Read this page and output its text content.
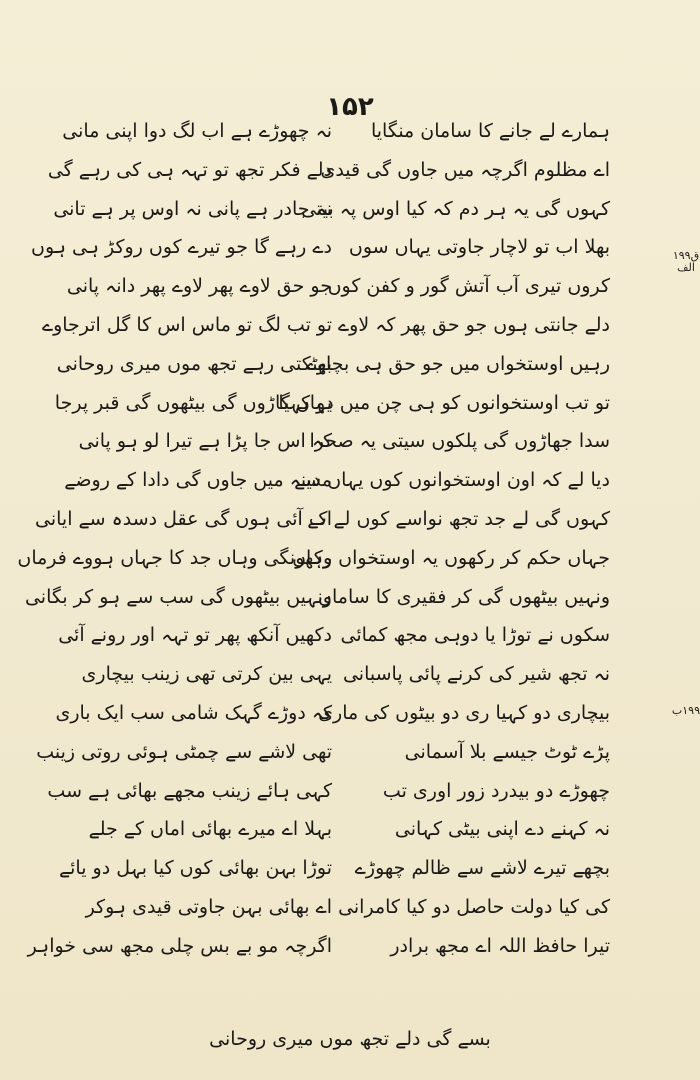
۱۵۲
ق۱۹۹ الف
۱۹۹ب
ہمارے لے جانے کا سامان منگایا
اے مظلوم اگرچہ میں جاوں گی قیدی
کہوں گی یہ ہر دم کہ کیا اوس پہ بیتی
بھلا اب تو لاچار جاوتی یہاں سوں
کروں تیری آب آتش گور و کفن کوں
دلے جانتی ہوں جو حق پھر کہ لاوے
رہیں اوستخواں میں جو حق ہی بچاوے
تو تب اوستخوانوں کو ہی چن میں دو کہیا
سدا جھاڑوں گی پلکوں سیتی یہ صحرا
دیا لے کہ اون اوستخوانوں کوں یہاں سے
کہوں گی لے جد تجھ نواسے کوں لے کے
جہاں حکم کر رکھوں یہ اوستخواں وہاں
ونہیں بیٹھوں گی کر فقیری کا ساماں
سکوں نے توڑا یا دوہی مجھ کمائی
نہ تجھ شیر کی کرنے پائی پاسبانی
بیچاری دو کہیا ری دو بیٹوں کی ماری
پڑے ٹوٹ جیسے بلا آسمانی
چھوڑے دو بیدرد زور اوری تب
نہ کہنے دے اپنی بیٹی کہانی
بچھے تیرے لاشے سے ظالم چھوڑے
کی کیا دولت حاصل دو کیا کامرانی
تیرا حافظ اللہ اے مجھ برادر
نہ چھوڑے ہے اب لگ دوا اپنی مانی
دلے فکر تجھ تو تہہ ہی کی رہے گی
نہ جادر ہے پانی نہ اوس پر ہے تانی
دے رہے گا جو تیرے کوں روکڑ ہی ہوں
جو حق لاوے پھر لاوے پھر دانہ پانی
تو تب لگ تو ماس اس کا گل اترجاوے
بھٹکتی رہے تجھ موں میری روحانی
یہاں گاڑوں گی بیٹھوں گی قبر پرجا
کہ اس جا پڑا ہے تیرا لو ہو پانی
مدینہ میں جاوں گی دادا کے روضے
اب آئی ہوں گی عقل دسدہ سے ایانی
رکھونگی وہاں جد کا جہاں ہووے فرماں
ونہیں بیٹھوں گی سب سے ہو کر بگانی
دکھیں آنکھ پھر تو تہہ اور رونے آئی
یہی بین کرتی تھی زینب بیچاری
کہ دوڑے گہک شامی سب ایک باری
تھی لاشے سے چمٹی ہوئی روتی زینب
کہی ہائے زینب مجھے بھائی ہے سب
بہلا اے میرے بھائی اماں کے جلے
توڑا بہن بھائی کوں کیا بہل دو یائے
اے بھائی بہن جاوتی قیدی ہوکر
اگرچہ مو بے بس چلی مجھ سی خواہر
بسے گی دلے تجھ موں میری روحانی
